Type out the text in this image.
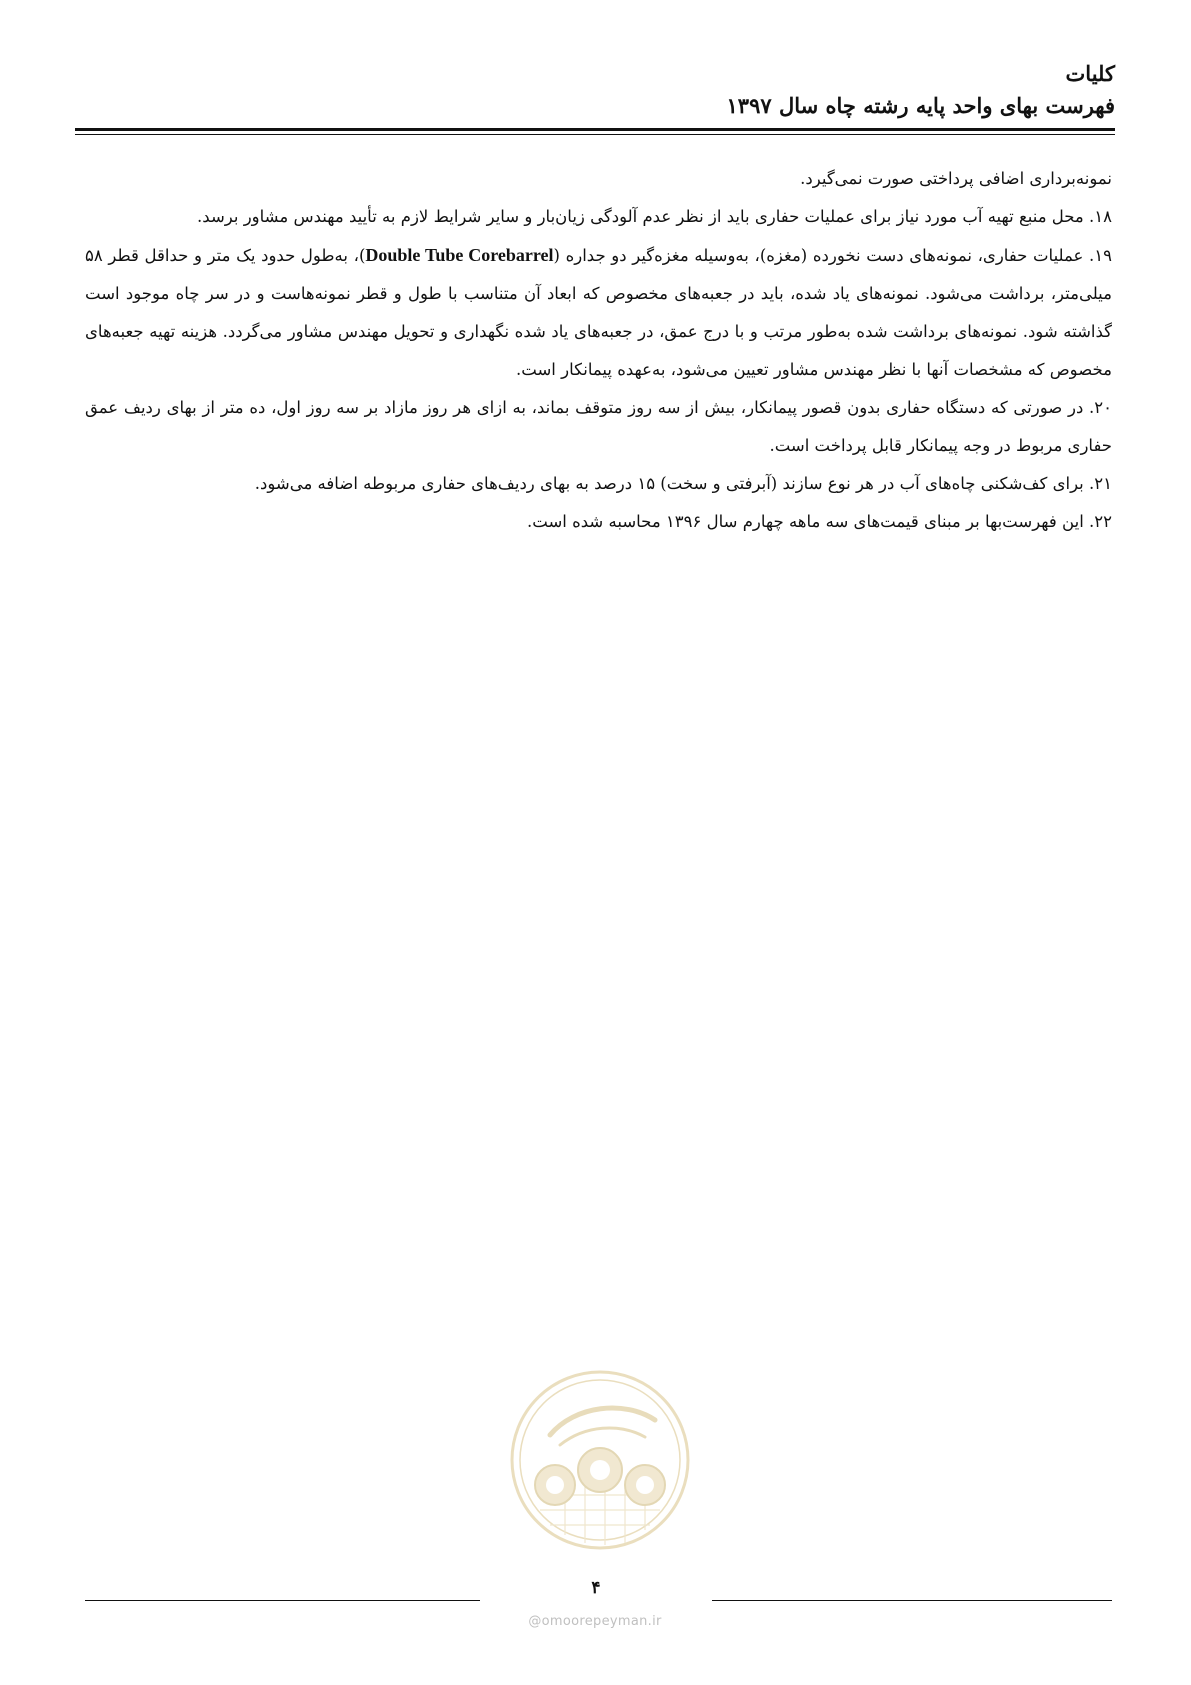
کلیات
فهرست بهای واحد پایه رشته چاه سال ۱۳۹۷

نمونه‌برداری اضافی پرداختی صورت نمی‌گیرد.

۱۸. محل منبع تهیه آب مورد نیاز برای عملیات حفاری باید از نظر عدم آلودگی زیان‌بار و سایر شرایط لازم به تأیید مهندس مشاور برسد.

۱۹. عملیات حفاری، نمونه‌های دست نخورده (مغزه)، به‌وسیله مغزه‌گیر دو جداره (Double Tube Corebarrel)، به‌طول حدود یک متر و حداقل قطر ۵۸ میلی‌متر، برداشت می‌شود. نمونه‌های یاد شده، باید در جعبه‌های مخصوص که ابعاد آن متناسب با طول و قطر نمونه‌هاست و در سر چاه موجود است گذاشته شود. نمونه‌های برداشت شده به‌طور مرتب و با درج عمق، در جعبه‌های یاد شده نگهداری و تحویل مهندس مشاور می‌گردد. هزینه تهیه جعبه‌های مخصوص که مشخصات آنها با نظر مهندس مشاور تعیین می‌شود، به‌عهده پیمانکار است.

۲۰. در صورتی که دستگاه حفاری بدون قصور پیمانکار، بیش از سه روز متوقف بماند، به ازای هر روز مازاد بر سه روز اول، ده متر از بهای ردیف عمق حفاری مربوط در وجه پیمانکار قابل پرداخت است.

۲۱. برای کف‌شکنی چاه‌های آب در هر نوع سازند (آبرفتی و سخت) ۱۵ درصد به بهای ردیف‌های حفاری مربوطه اضافه می‌شود.

۲۲. این فهرست‌بها بر مبنای قیمت‌های سه ماهه چهارم سال ۱۳۹۶ محاسبه شده است.

۴
@omoorepeyman.ir
